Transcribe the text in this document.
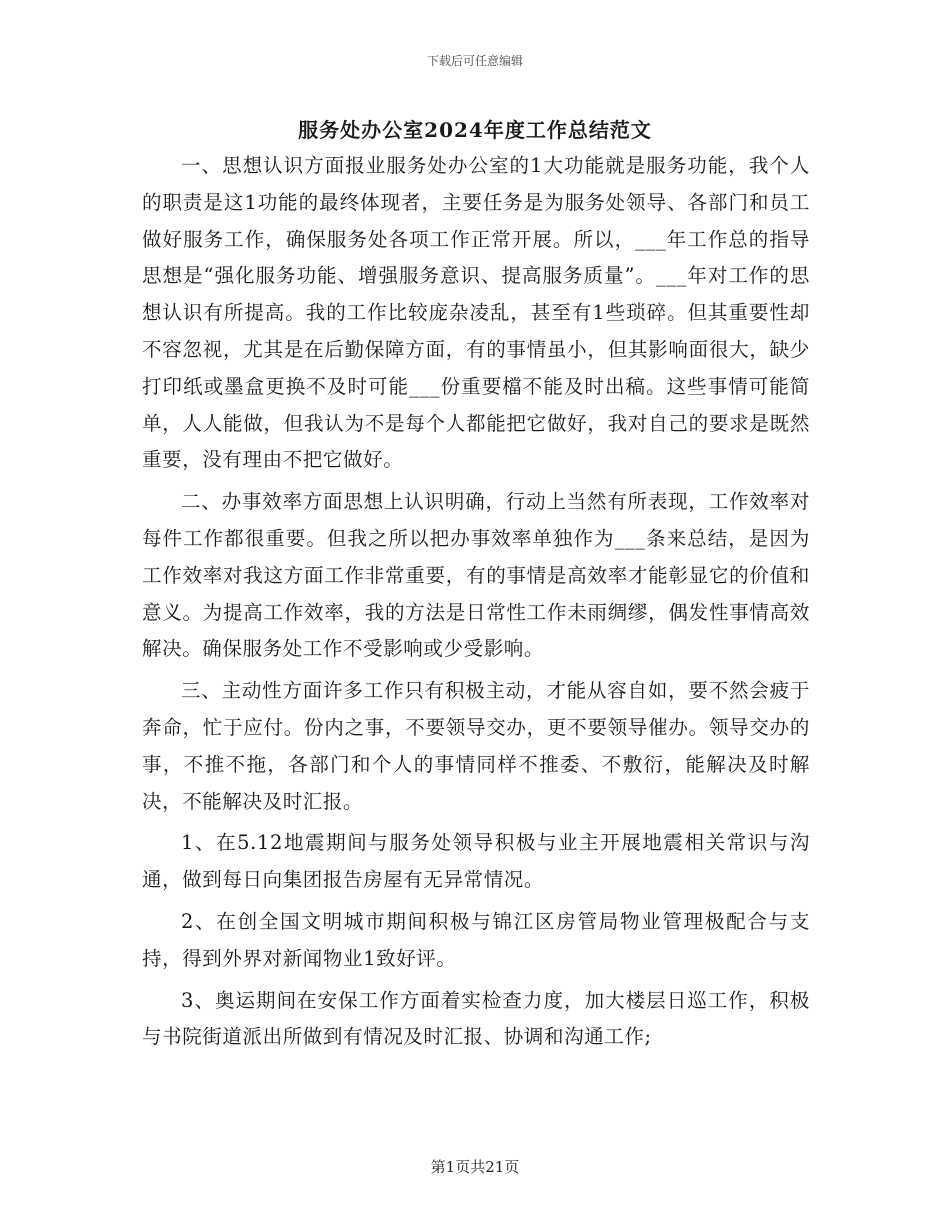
下载后可任意编辑
服务处办公室2024年度工作总结范文

一、思想认识方面报业服务处办公室的1大功能就是服务功能，我个人的职责是这1功能的最终体现者，主要任务是为服务处领导、各部门和员工做好服务工作，确保服务处各项工作正常开展。所以，___年工作总的指导思想是“强化服务功能、增强服务意识、提高服务质量”。___年对工作的思想认识有所提高。我的工作比较庞杂凌乱，甚至有1些琐碎。但其重要性却不容忽视，尤其是在后勤保障方面，有的事情虽小，但其影响面很大，缺少打印纸或墨盒更换不及时可能___份重要檔不能及时出稿。这些事情可能简单，人人能做，但我认为不是每个人都能把它做好，我对自己的要求是既然重要，没有理由不把它做好。

二、办事效率方面思想上认识明确，行动上当然有所表现，工作效率对每件工作都很重要。但我之所以把办事效率单独作为___条来总结，是因为工作效率对我这方面工作非常重要，有的事情是高效率才能彰显它的价值和意义。为提高工作效率，我的方法是日常性工作未雨绸缪，偶发性事情高效解决。确保服务处工作不受影响或少受影响。

三、主动性方面许多工作只有积极主动，才能从容自如，要不然会疲于奔命，忙于应付。份内之事，不要领导交办，更不要领导催办。领导交办的事，不推不拖，各部门和个人的事情同样不推委、不敷衍，能解决及时解决，不能解决及时汇报。

1、在5.12地震期间与服务处领导积极与业主开展地震相关常识与沟通，做到每日向集团报告房屋有无异常情况。

2、在创全国文明城市期间积极与锦江区房管局物业管理极配合与支持，得到外界对新闻物业1致好评。

3、奥运期间在安保工作方面着实检查力度，加大楼层日巡工作，积极与书院街道派出所做到有情况及时汇报、协调和沟通工作;

第1页共21页
